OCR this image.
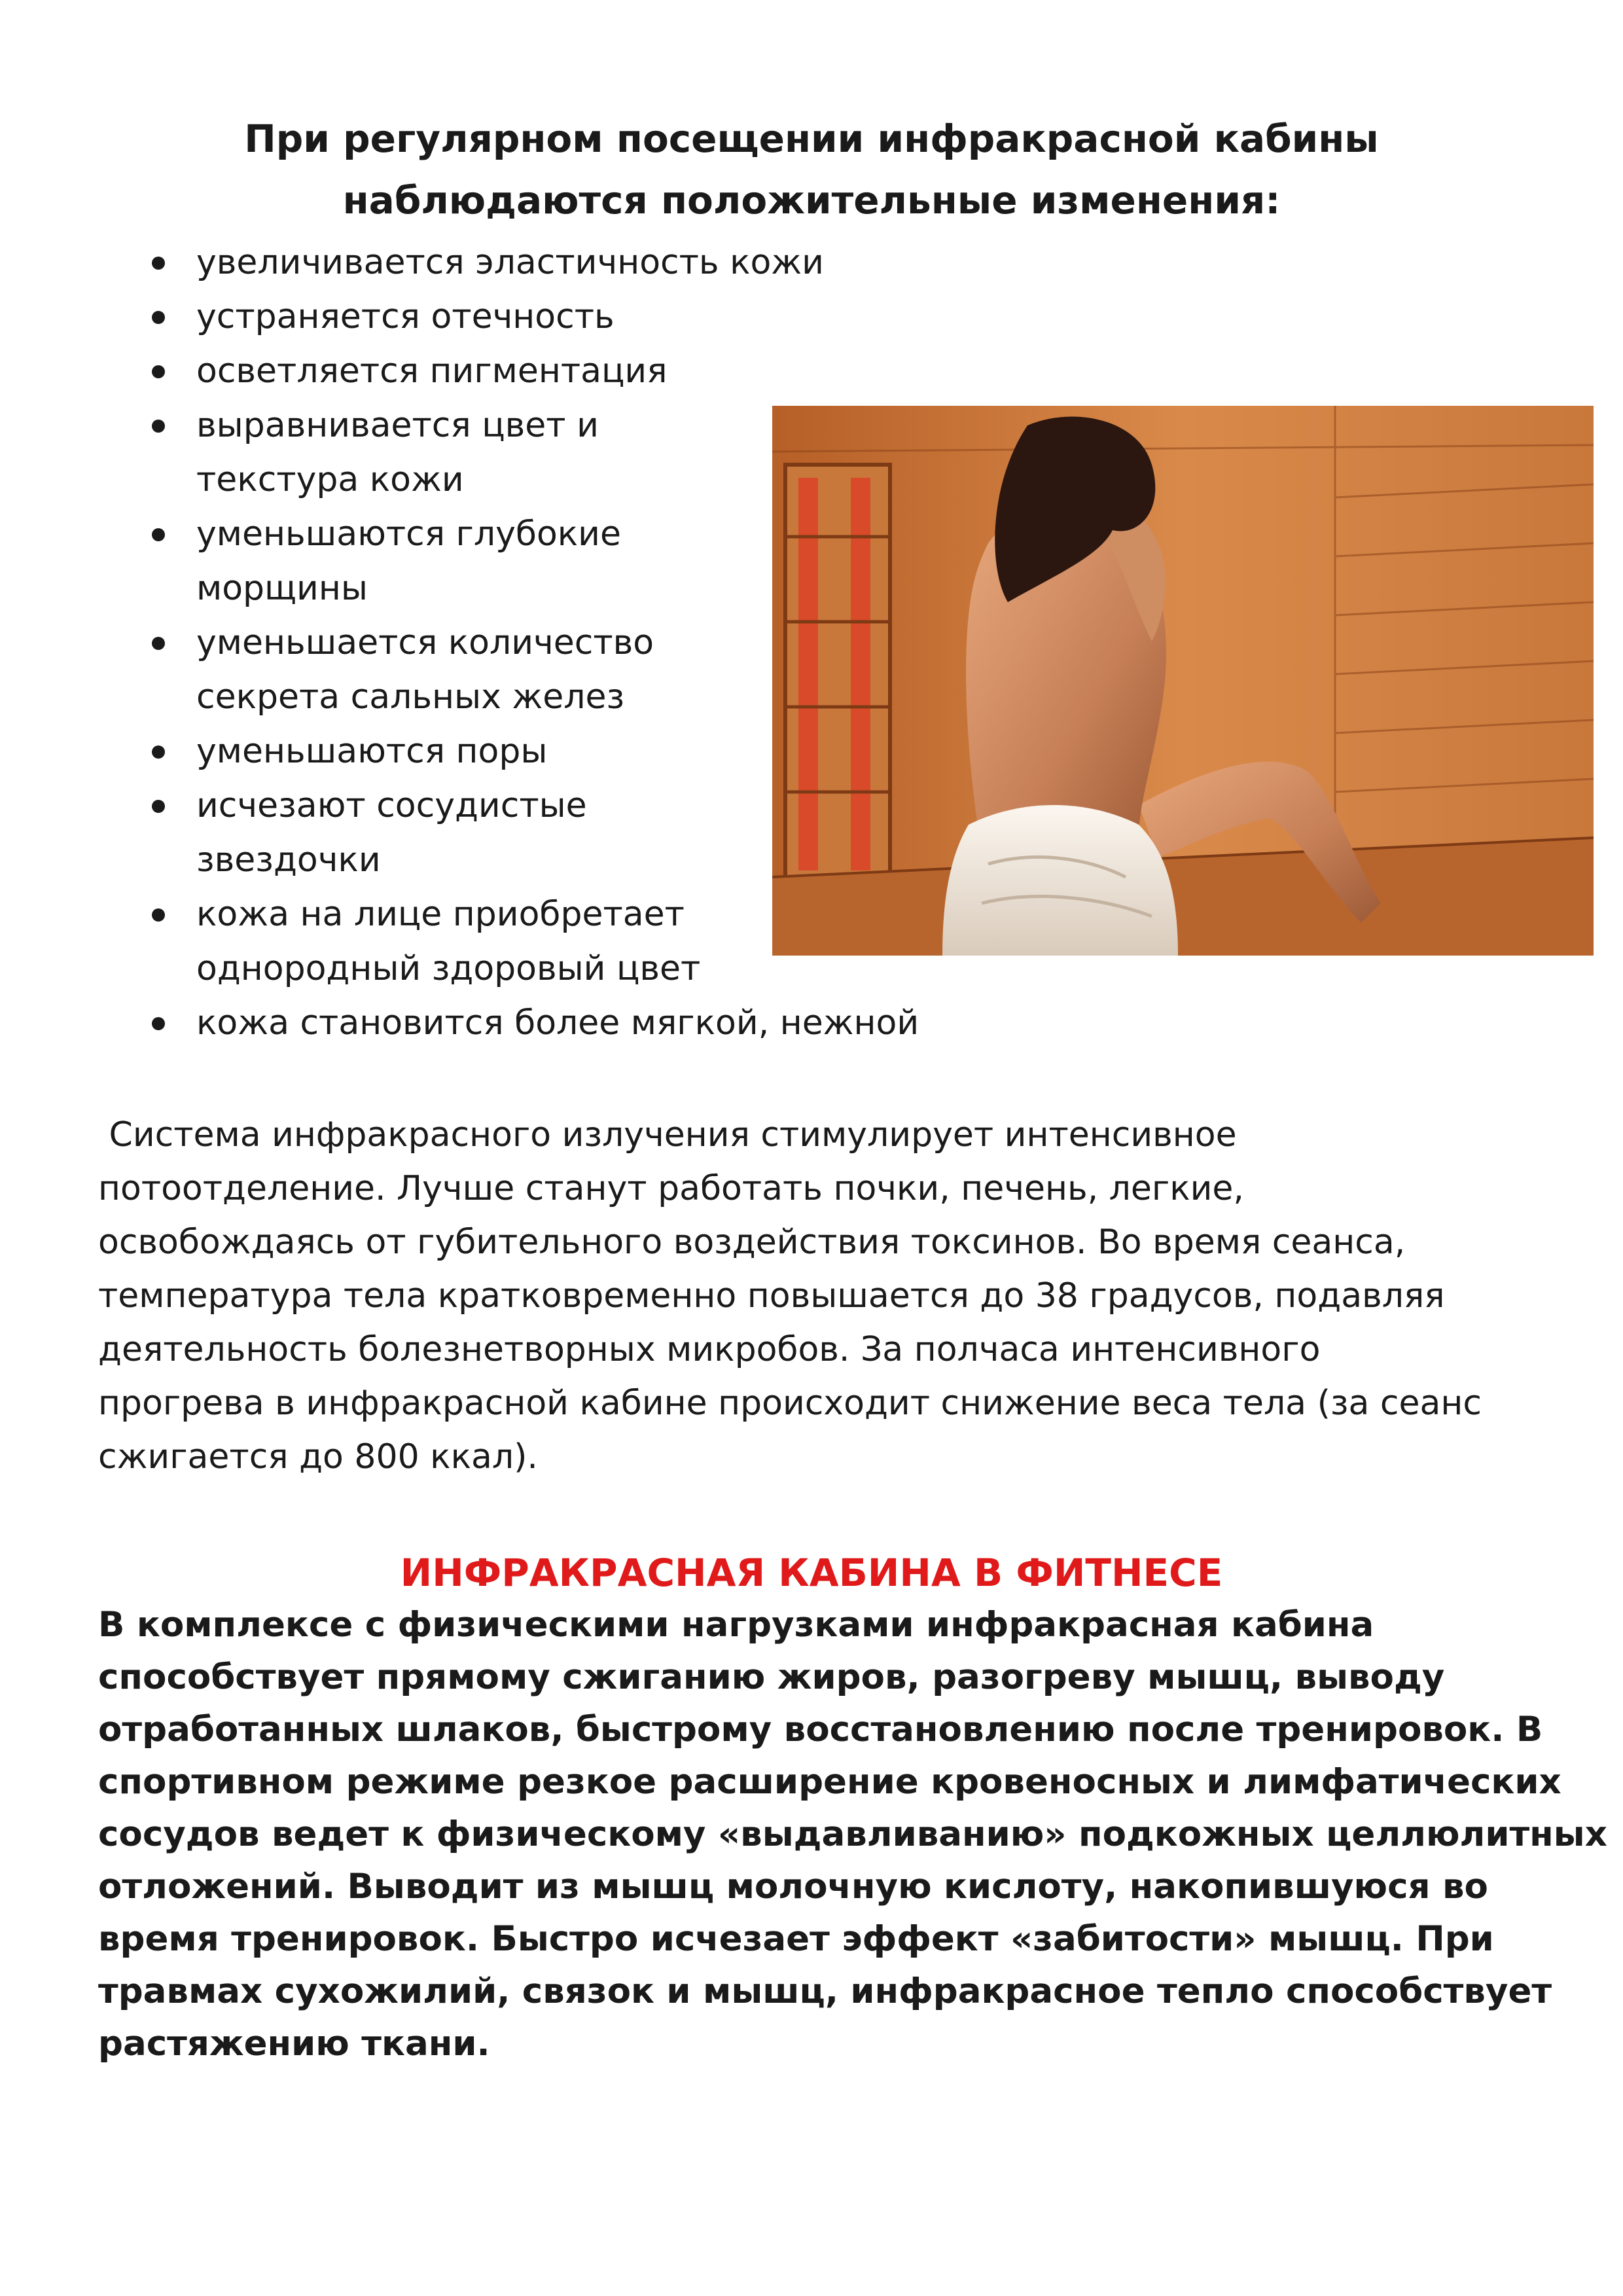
При регулярном посещении инфракрасной кабины
наблюдаются положительные изменения:
увеличивается эластичность кожи
устраняется отечность
осветляется пигментация
выравнивается цвет и
текстура кожи
уменьшаются глубокие
морщины
уменьшается количество
секрета сальных желез
уменьшаются поры
исчезают сосудистые
звездочки
кожа на лице приобретает
однородный здоровый цвет
кожа становится более мягкой, нежной
Система инфракрасного излучения стимулирует интенсивное
потоотделение. Лучше станут работать почки, печень, легкие,
освобождаясь от губительного воздействия токсинов. Во время сеанса,
температура тела кратковременно повышается до 38 градусов, подавляя
деятельность болезнетворных микробов. За полчаса интенсивного
прогрева в инфракрасной кабине происходит снижение веса тела (за сеанс
сжигается до 800 ккал).
ИНФРАКРАСНАЯ КАБИНА В ФИТНЕСЕ
В комплексе с физическими нагрузками инфракрасная кабина
способствует прямому сжиганию жиров, разогреву мышц, выводу
отработанных шлаков, быстрому восстановлению после тренировок. В
спортивном режиме резкое расширение кровеносных и лимфатических
сосудов ведет к физическому «выдавливанию» подкожных целлюлитных
отложений. Выводит из мышц молочную кислоту, накопившуюся во
время тренировок. Быстро исчезает эффект «забитости» мышц. При
травмах сухожилий, связок и мышц, инфракрасное тепло способствует
растяжению ткани.
